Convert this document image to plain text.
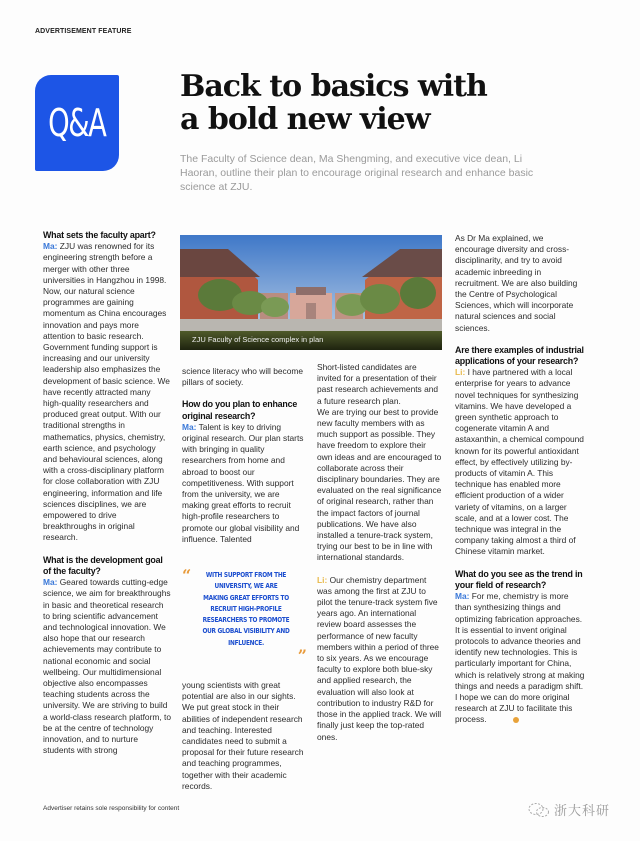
ADVERTISEMENT FEATURE
Q&A
Back to basics with
a bold new view

The Faculty of Science dean, Ma Shengming, and executive vice dean, Li Haoran, outline their plan to encourage original research and enhance basic science at ZJU.

What sets the faculty apart?

Ma: ZJU was renowned for its engineering strength before a merger with other three universities in Hangzhou in 1998. Now, our natural science programmes are gaining momentum as China encourages innovation and pays more attention to basic research. Government funding support is increasing and our university leadership also emphasizes the development of basic science. We have recently attracted many high-quality researchers and produced great output. With our traditional strengths in mathematics, physics, chemistry, earth science, and psychology and behavioural sciences, along with a cross-disciplinary platform for close collaboration with ZJU engineering, information and life sciences disciplines, we are empowered to drive breakthroughs in original research.

What is the development goal of the faculty?

Ma: Geared towards cutting-edge science, we aim for breakthroughs in basic and theoretical research to bring scientific advancement and technological innovation. We also hope that our research achievements may contribute to national economic and social wellbeing. Our multidimensional objective also encompasses teaching students across the university. We are striving to build a world-class research platform, to be at the centre of technology innovation, and to nurture students with strong

ZJU Faculty of Science complex in plan

science literacy who will become pillars of society.

How do you plan to enhance original research?

Ma: Talent is key to driving original research. Our plan starts with bringing in quality researchers from home and abroad to boost our competitiveness. With support from the university, we are making great efforts to recruit high-profile researchers to promote our global visibility and influence. Talented

“	WITH SUPPORT FROM THE UNIVERSITY, WE ARE MAKING GREAT EFFORTS TO RECRUIT HIGH-PROFILE RESEARCHERS TO PROMOTE OUR GLOBAL VISIBILITY AND INFLUENCE.
”

young scientists with great potential are also in our sights. We put great stock in their abilities of independent research and teaching. Interested candidates need to submit a proposal for their future research and teaching programmes, together with their academic records.

Short-listed candidates are invited for a presentation of their past research achievements and a future research plan.

We are trying our best to provide new faculty members with as much support as possible. They have freedom to explore their own ideas and are encouraged to collaborate across their disciplinary boundaries. They are evaluated on the real significance of original research, rather than the impact factors of journal publications. We have also installed a tenure-track system, trying our best to be in line with international standards.

Li: Our chemistry department was among the first at ZJU to pilot the tenure-track system five years ago. An international review board assesses the performance of new faculty members within a period of three to six years. As we encourage faculty to explore both blue-sky and applied research, the evaluation will also look at contribution to industry R&D for those in the applied track. We will finally just keep the top-rated ones.

As Dr Ma explained, we encourage diversity and cross-disciplinarity, and try to avoid academic inbreeding in recruitment. We are also building the Centre of Psychological Sciences, which will incorporate natural sciences and social sciences.

Are there examples of industrial applications of your research?

Li: I have partnered with a local enterprise for years to advance novel techniques for synthesizing vitamins. We have developed a green synthetic approach to cogenerate vitamin A and astaxanthin, a chemical compound known for its powerful antioxidant effect, by effectively utilizing by-products of vitamin A. This technique has enabled more efficient production of a wider variety of vitamins, on a larger scale, and at a lower cost. The technique was integral in the company taking almost a third of Chinese vitamin market.

What do you see as the trend in your field of research?

Ma: For me, chemistry is more than synthesizing things and optimizing fabrication approaches. It is essential to invent original protocols to advance theories and identify new technologies. This is particularly important for China, which is relatively strong at making things and needs a paradigm shift. I hope we can do more original research at ZJU to facilitate this process.

Advertiser retains sole responsibility for content	浙大科研
